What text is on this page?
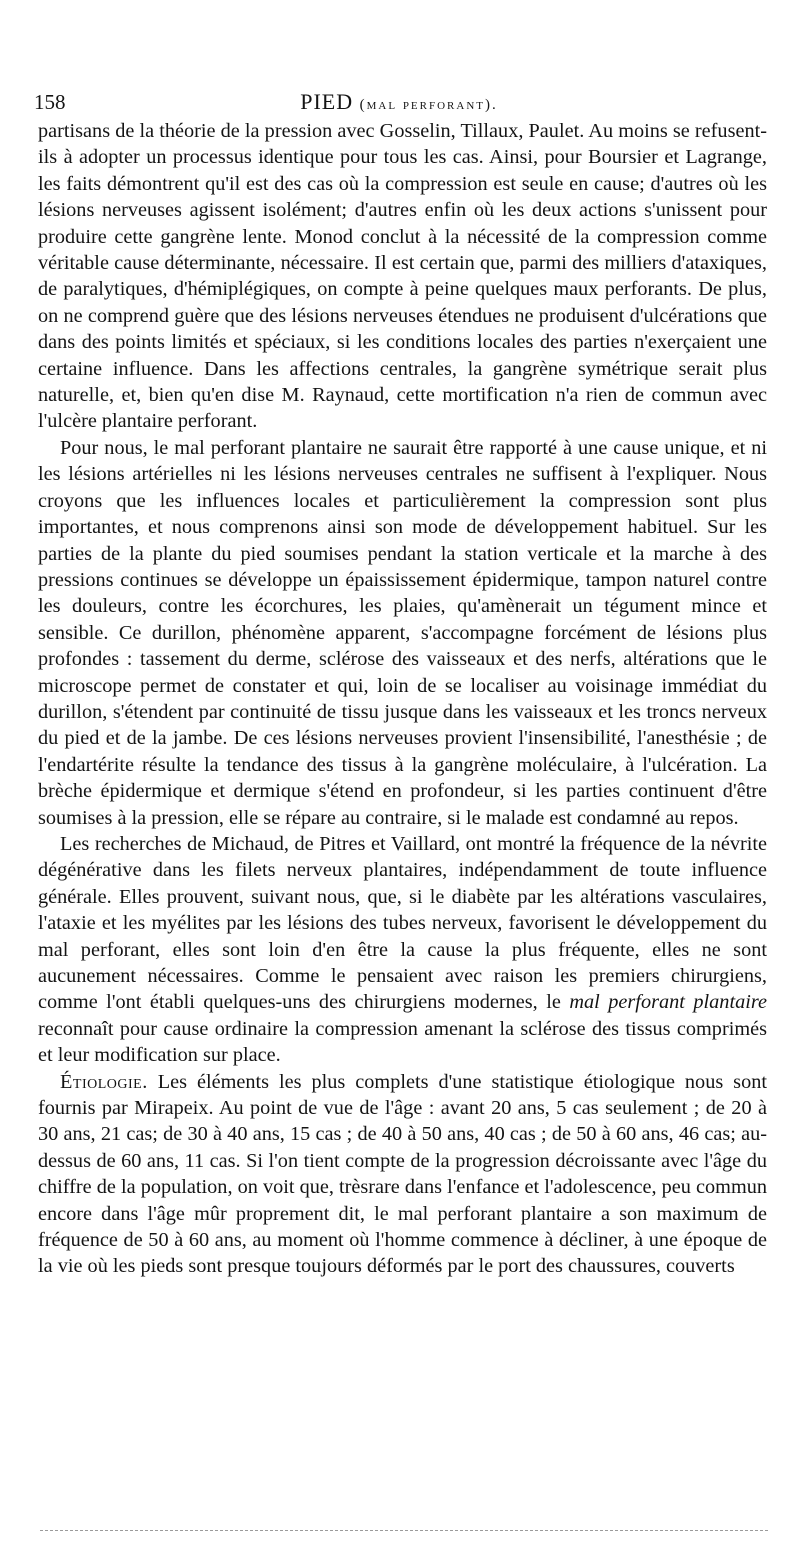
158	PIED (mal perforant).

partisans de la théorie de la pression avec Gosselin, Tillaux, Paulet. Au moins se refusent-ils à adopter un processus identique pour tous les cas. Ainsi, pour Boursier et Lagrange, les faits démontrent qu'il est des cas où la compression est seule en cause; d'autres où les lésions nerveuses agissent isolément; d'autres enfin où les deux actions s'unissent pour produire cette gangrène lente. Monod conclut à la nécessité de la compression comme véritable cause déterminante, nécessaire. Il est certain que, parmi des milliers d'ataxiques, de paralytiques, d'hémiplégiques, on compte à peine quelques maux perforants. De plus, on ne comprend guère que des lésions nerveuses étendues ne produisent d'ulcérations que dans des points limités et spéciaux, si les conditions locales des parties n'exerçaient une certaine influence. Dans les affections centrales, la gangrène symétrique serait plus naturelle, et, bien qu'en dise M. Raynaud, cette mortification n'a rien de commun avec l'ulcère plantaire perforant.

Pour nous, le mal perforant plantaire ne saurait être rapporté à une cause unique, et ni les lésions artérielles ni les lésions nerveuses centrales ne suffisent à l'expliquer. Nous croyons que les influences locales et particulièrement la compression sont plus importantes, et nous comprenons ainsi son mode de développement habituel. Sur les parties de la plante du pied soumises pendant la station verticale et la marche à des pressions continues se développe un épaississement épidermique, tampon naturel contre les douleurs, contre les écorchures, les plaies, qu'amènerait un tégument mince et sensible. Ce durillon, phénomène apparent, s'accompagne forcément de lésions plus profondes : tassement du derme, sclérose des vaisseaux et des nerfs, altérations que le microscope permet de constater et qui, loin de se localiser au voisinage immédiat du durillon, s'étendent par continuité de tissu jusque dans les vaisseaux et les troncs nerveux du pied et de la jambe. De ces lésions nerveuses provient l'insensibilité, l'anesthésie ; de l'endartérite résulte la tendance des tissus à la gangrène moléculaire, à l'ulcération. La brèche épidermique et dermique s'étend en profondeur, si les parties continuent d'être soumises à la pression, elle se répare au contraire, si le malade est condamné au repos.

Les recherches de Michaud, de Pitres et Vaillard, ont montré la fréquence de la névrite dégénérative dans les filets nerveux plantaires, indépendamment de toute influence générale. Elles prouvent, suivant nous, que, si le diabète par les altérations vasculaires, l'ataxie et les myélites par les lésions des tubes nerveux, favorisent le développement du mal perforant, elles sont loin d'en être la cause la plus fréquente, elles ne sont aucunement nécessaires. Comme le pensaient avec raison les premiers chirurgiens, comme l'ont établi quelques-uns des chirurgiens modernes, le mal perforant plantaire reconnaît pour cause ordinaire la compression amenant la sclérose des tissus comprimés et leur modification sur place.

Étiologie. Les éléments les plus complets d'une statistique étiologique nous sont fournis par Mirapeix. Au point de vue de l'âge : avant 20 ans, 5 cas seulement ; de 20 à 30 ans, 21 cas; de 30 à 40 ans, 15 cas ; de 40 à 50 ans, 40 cas ; de 50 à 60 ans, 46 cas; au-dessus de 60 ans, 11 cas. Si l'on tient compte de la progression décroissante avec l'âge du chiffre de la population, on voit que, trèsrare dans l'enfance et l'adolescence, peu commun encore dans l'âge mûr proprement dit, le mal perforant plantaire a son maximum de fréquence de 50 à 60 ans, au moment où l'homme commence à décliner, à une époque de la vie où les pieds sont presque toujours déformés par le port des chaussures, couverts
